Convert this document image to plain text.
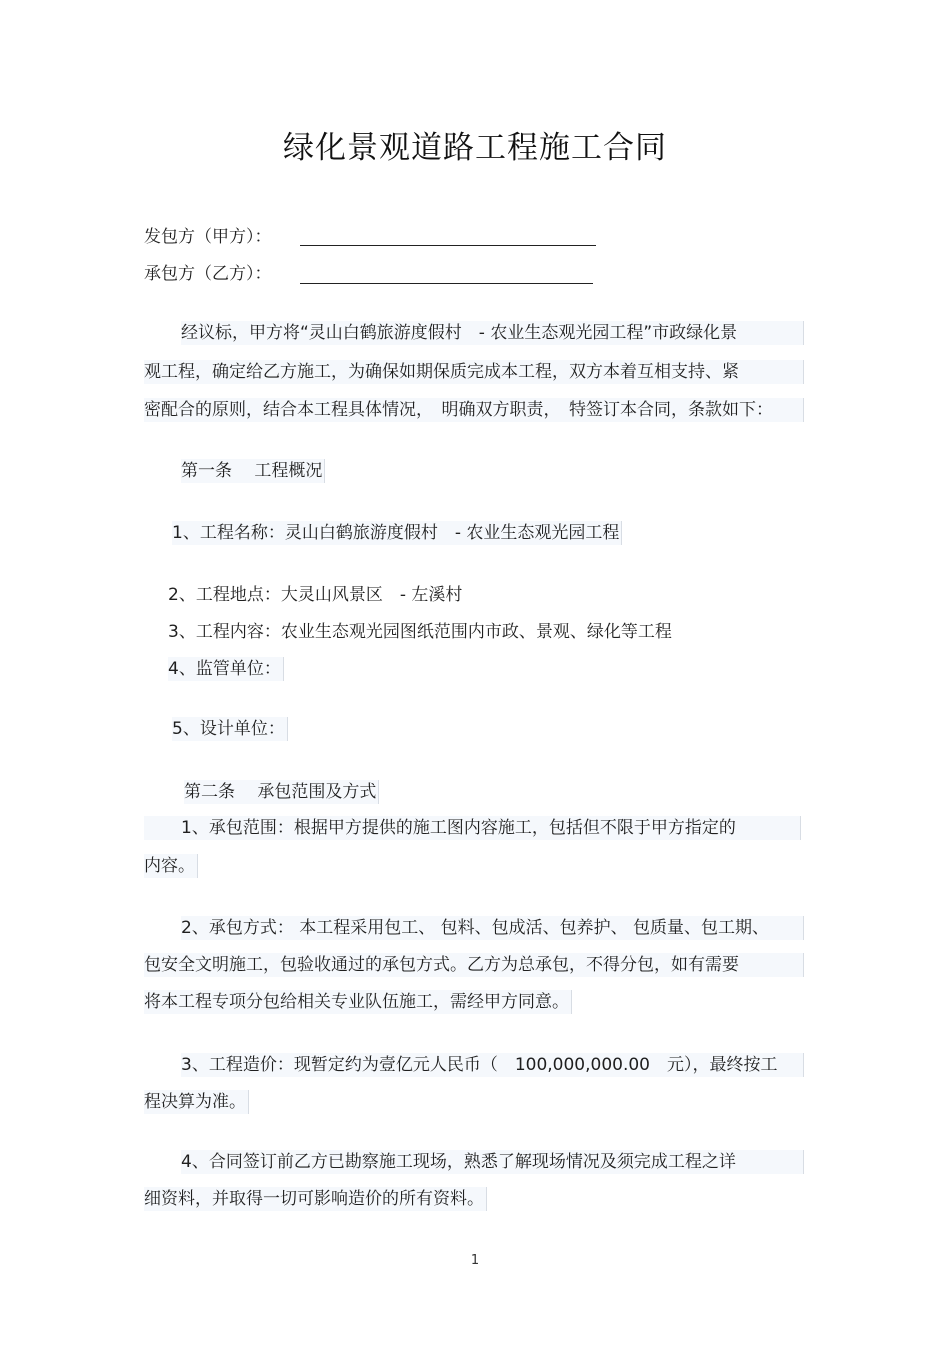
绿化景观道路工程施工合同
发包方（甲方）：
承包方（乙方）：
经议标，甲方将“灵山白鹤旅游度假村　- 农业生态观光园工程”市政绿化景
观工程，确定给乙方施工，为确保如期保质完成本工程，双方本着互相支持、紧
密配合的原则，结合本工程具体情况，　明确双方职责，　特签订本合同，条款如下：
第一条　 工程概况
1、工程名称：灵山白鹤旅游度假村　- 农业生态观光园工程
2、工程地点：大灵山风景区　- 左溪村
3、工程内容：农业生态观光园图纸范围内市政、景观、绿化等工程
4、监管单位：
5、设计单位：
第二条　 承包范围及方式
1、承包范围：根据甲方提供的施工图内容施工，包括但不限于甲方指定的
内容。
2、承包方式： 本工程采用包工、 包料、包成活、包养护、 包质量、包工期、
包安全文明施工，包验收通过的承包方式。乙方为总承包，不得分包，如有需要
将本工程专项分包给相关专业队伍施工，需经甲方同意。
3、工程造价：现暂定约为壹亿元人民币（　100,000,000.00　元），最终按工
程决算为准。
4、合同签订前乙方已勘察施工现场，熟悉了解现场情况及须完成工程之详
细资料，并取得一切可影响造价的所有资料。
1
